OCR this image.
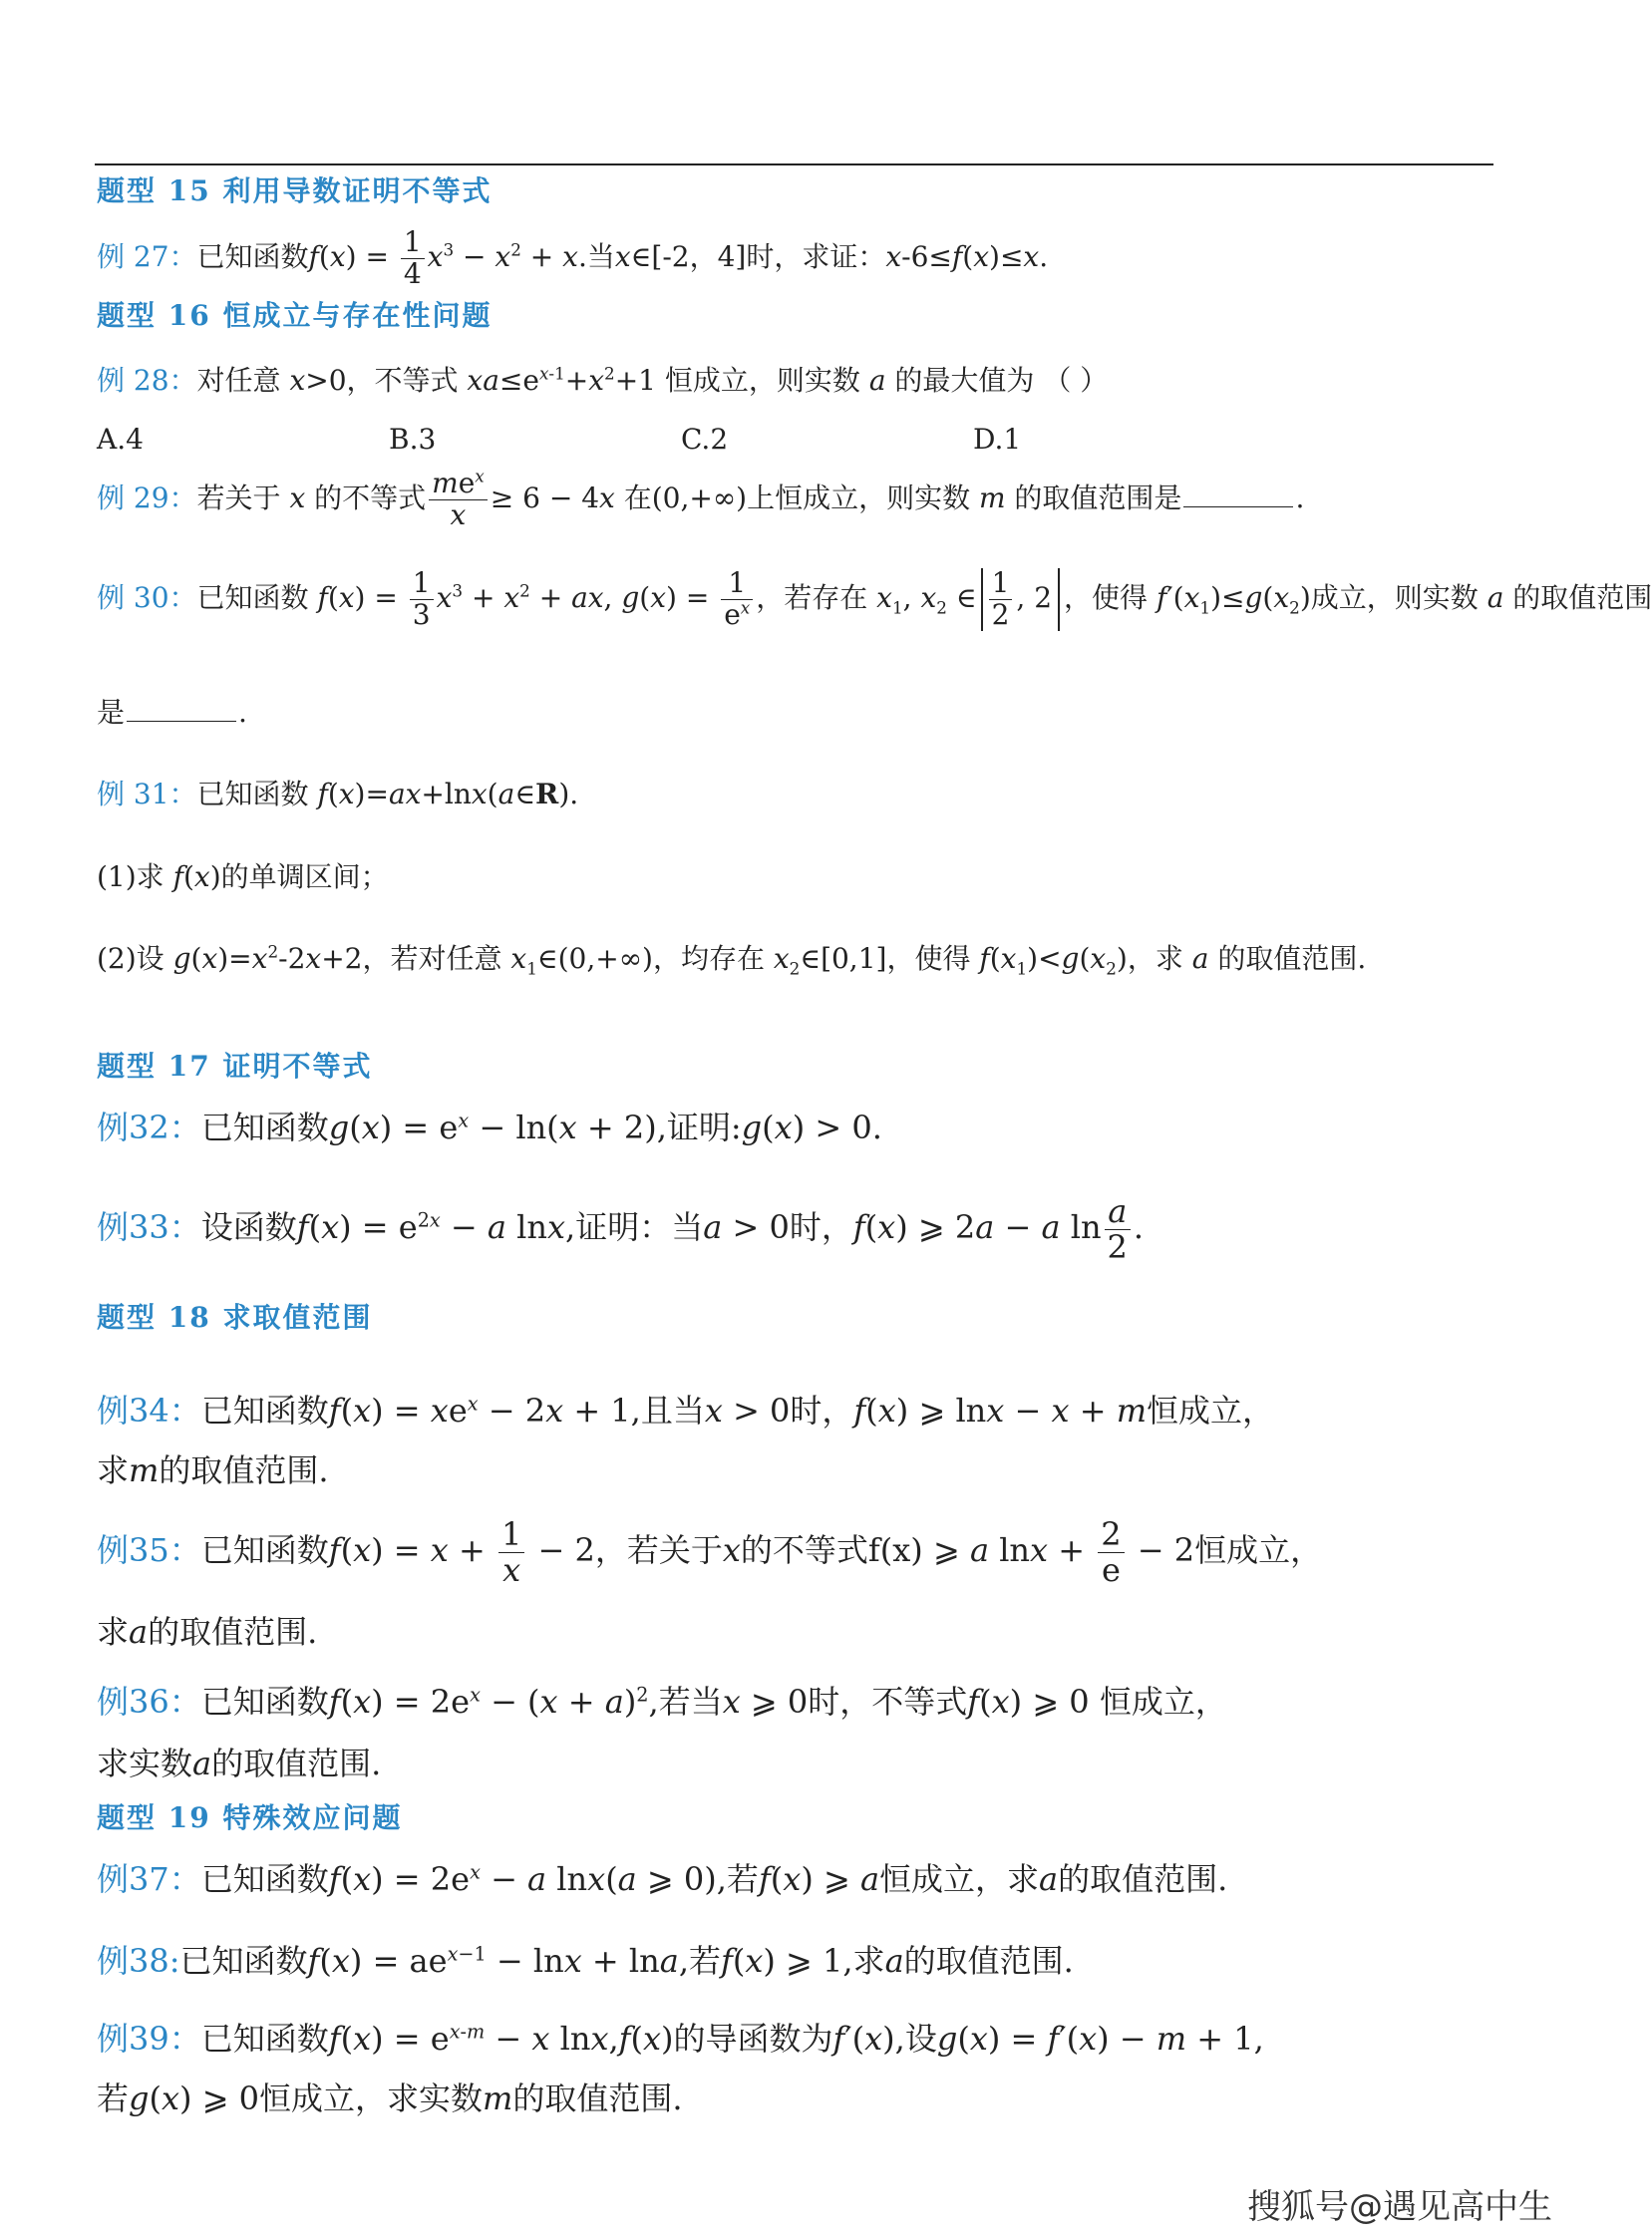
题型 15 利用导数证明不等式
例 27：已知函数$f(x) = \frac{1}{4} x^3 - x^2 + x$.当x∈[-2，4]时，求证：x-6≤f(x)≤x.
题型 16 恒成立与存在性问题
例 28：对任意 x>0，不等式 $xa\le e^{x-1}+x^2+1$ 恒成立，则实数 a 的最大值为 （ ）
A.4	B.3	C.2	D.1
例 29：若关于 x 的不等式 $me^x$
x
≥ 6 − 4x 在(0,+∞)上恒成立，则实数 m 的取值范围是	.
例 30：已知函数 $f(x) = \frac{1}{3} x^3 + x^2$ + ax, $g(x) = \frac{1}{e^x}$ ，若存在 $x_1$, $x_2$ ∈ $\frac{1}{2}$ , 2 ，使得 $f'(x_1)\le g(x_2)$成立，则实数 a 的取值范围
是	.
例 31：已知函数 f(x)=ax+lnx(a∈R).
(1)求 f(x)的单调区间；
(2)设 $g(x)=x^2-2x+2$，若对任意 $x_1\in(0,+\infty)$，均存在 $x_2\in[0,1]$，使得 $f(x_1)<g(x_2)$，求 a 的取值范围.
题型 17 证明不等式
例32：已知函数$g(x) = e^x - \ln(x + 2)$,证明:g(x) > 0.
例33：设函数$f(x) = e^{2x} - a$ lnx,证明：当a > 0时，f(x) ⩾ 2a − a $\ln \frac{a}{2}$ .
题型 18 求取值范围
例34：已知函数$f(x) = xe^x - 2x + 1$,且当x > 0时，f(x) ⩾ lnx − x + m恒成立，
求m的取值范围.
例35：已知函数$f(x) = x + \frac{1}{x} - 2$，若关于x的不等式f(x) ⩾ a $\ln x + \frac{2}{e} - 2$恒成立，
求a的取值范围.
例36：已知函数$f(x) = 2e^x - (x + a)^2$,若当x ⩾ 0时，不等式f(x) ⩾ 0 恒成立，
求实数a的取值范围.
题型 19 特殊效应问题
例37：已知函数$f(x) = 2e^x - a$ lnx(a ⩾ 0),若f(x) ⩾ a恒成立，求a的取值范围.
例38:已知函数$f(x) = ae^{x-1} - \ln x + \ln a$,若f(x) ⩾ 1,求a的取值范围.
例39：已知函数$f(x) = e^{x-m} - x$ lnx,f(x)的导函数为f′(x),设g(x) = f′(x) − m + 1,
若g(x) ⩾ 0恒成立，求实数m的取值范围.
搜狐号@遇见高中生
